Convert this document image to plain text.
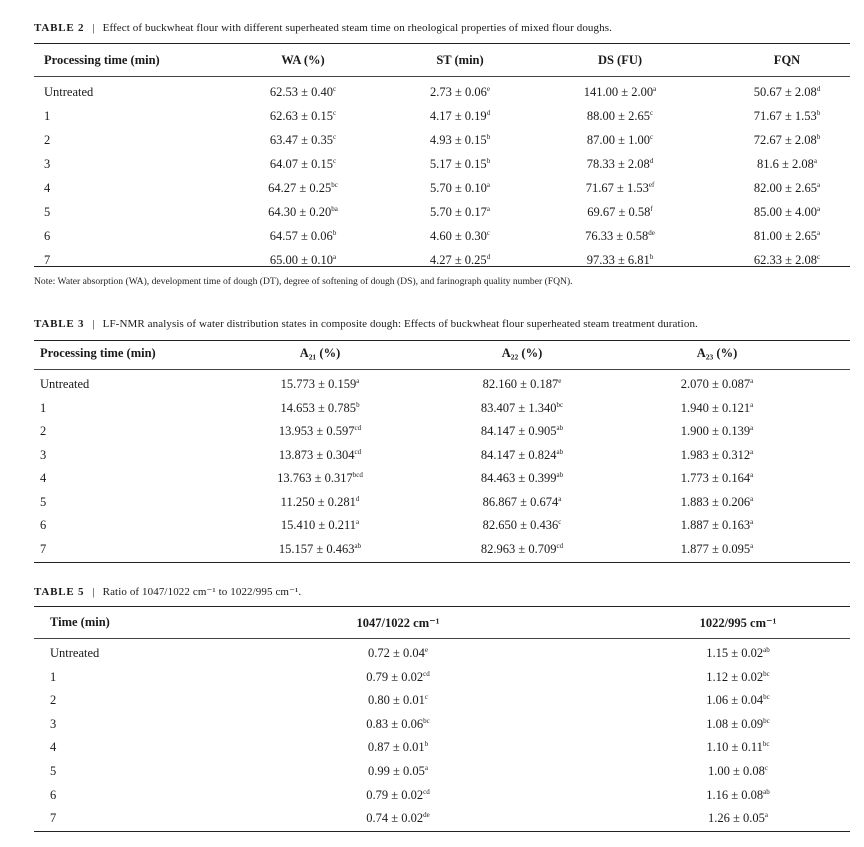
TABLE 2 | Effect of buckwheat flour with different superheated steam time on rheological properties of mixed flour doughs.
Processing time (min)	WA (%)	ST (min)	DS (FU)	FQN
Untreated	62.53 ± 0.40$^c$	2.73 ± 0.06$^e$	141.00 ± 2.00$^a$	50.67 ± 2.08$^d$
1	62.63 ± 0.15$^c$	4.17 ± 0.19$^d$	88.00 ± 2.65$^c$	71.67 ± 1.53$^b$
2	63.47 ± 0.35$^c$	4.93 ± 0.15$^b$	87.00 ± 1.00$^c$	72.67 ± 2.08$^b$
3	64.07 ± 0.15$^c$	5.17 ± 0.15$^b$	78.33 ± 2.08$^d$	81.6 ± 2.08$^a$
4	64.27 ± 0.25$^{bc}$	5.70 ± 0.10$^a$	71.67 ± 1.53$^{ef}$	82.00 ± 2.65$^a$
5	64.30 ± 0.20$^{ba}$	5.70 ± 0.17$^a$	69.67 ± 0.58$^f$	85.00 ± 4.00$^a$
6	64.57 ± 0.06$^b$	4.60 ± 0.30$^c$	76.33 ± 0.58de	81.00 ± 2.65$^a$
7	65.00 ± 0.10$^a$	4.27 ± 0.25$^d$	97.33 ± 6.81$^b$	62.33 ± 2.08$^c$
Note: Water absorption (WA), development time of dough (DT), degree of softening of dough (DS), and farinograph quality number (FQN).
TABLE 3 | LF-NMR analysis of water distribution states in composite dough: Effects of buckwheat flour superheated steam treatment duration.
Processing time (min)	A₂₁ (%)	A₂₂ (%)	A₂₃ (%)
Untreated	15.773 ± 0.159$^a$	82.160 ± 0.187$^e$	2.070 ± 0.087$^a$
1	14.653 ± 0.785$^b$	83.407 ± 1.340$^{bc}$	1.940 ± 0.121$^a$
2	13.953 ± 0.597$^{cd}$	84.147 ± 0.905$^{ab}$	1.900 ± 0.139$^a$
3	13.873 ± 0.304$^{cd}$	84.147 ± 0.824$^{ab}$	1.983 ± 0.312$^a$
4	13.763 ± 0.317$^{bcd}$	84.463 ± 0.399$^{ab}$	1.773 ± 0.164$^a$
5	11.250 ± 0.281$^d$	86.867 ± 0.674$^a$	1.883 ± 0.206$^a$
6	15.410 ± 0.211$^a$	82.650 ± 0.436$^c$	1.887 ± 0.163$^a$
7	15.157 ± 0.463$^{ab}$	82.963 ± 0.709$^{cd}$	1.877 ± 0.095$^a$
TABLE 5 | Ratio of 1047/1022 cm⁻¹ to 1022/995 cm⁻¹.
Time (min)	1047/1022 cm⁻¹	1022/995 cm⁻¹
Untreated	0.72 ± 0.04$^e$	1.15 ± 0.02$^{ab}$
1	0.79 ± 0.02$^{cd}$	1.12 ± 0.02$^{bc}$
2	0.80 ± 0.01$^c$	1.06 ± 0.04$^{bc}$
3	0.83 ± 0.06$^{bc}$	1.08 ± 0.09$^{bc}$
4	0.87 ± 0.01$^b$	1.10 ± 0.11$^{bc}$
5	0.99 ± 0.05$^a$	1.00 ± 0.08$^c$
6	0.79 ± 0.02$^{cd}$	1.16 ± 0.08$^{ab}$
7	0.74 ± 0.02de	1.26 ± 0.05$^a$
